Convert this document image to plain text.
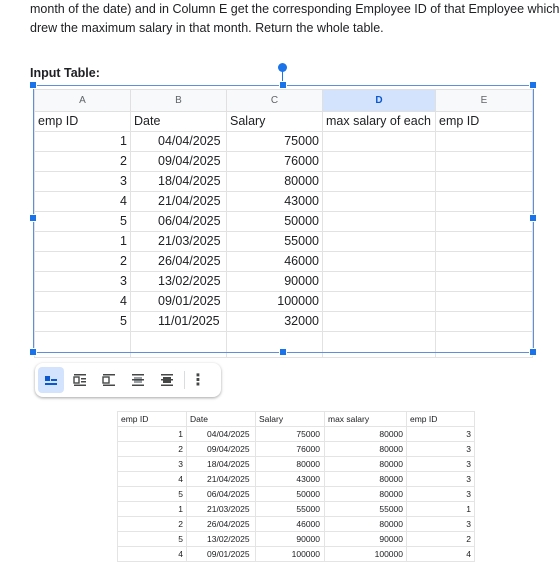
month of the date) and in Column E get the corresponding Employee ID of that Employee which
drew the maximum salary in that month. Return the whole table.
Input Table:
A	B	C	D	E
emp ID	Date	Salary	max salary of each	emp ID
1	04/04/2025	75000		
2	09/04/2025	76000		
3	18/04/2025	80000		
4	21/04/2025	43000		
5	06/04/2025	50000		
1	21/03/2025	55000		
2	26/04/2025	46000		
3	13/02/2025	90000		
4	09/01/2025	100000		
5	11/01/2025	32000		

⋮
emp ID	Date	Salary	max salary	emp ID
1	04/04/2025	75000	80000	3
2	09/04/2025	76000	80000	3
3	18/04/2025	80000	80000	3
4	21/04/2025	43000	80000	3
5	06/04/2025	50000	80000	3
1	21/03/2025	55000	55000	1
2	26/04/2025	46000	80000	3
5	13/02/2025	90000	90000	2
4	09/01/2025	100000	100000	4
